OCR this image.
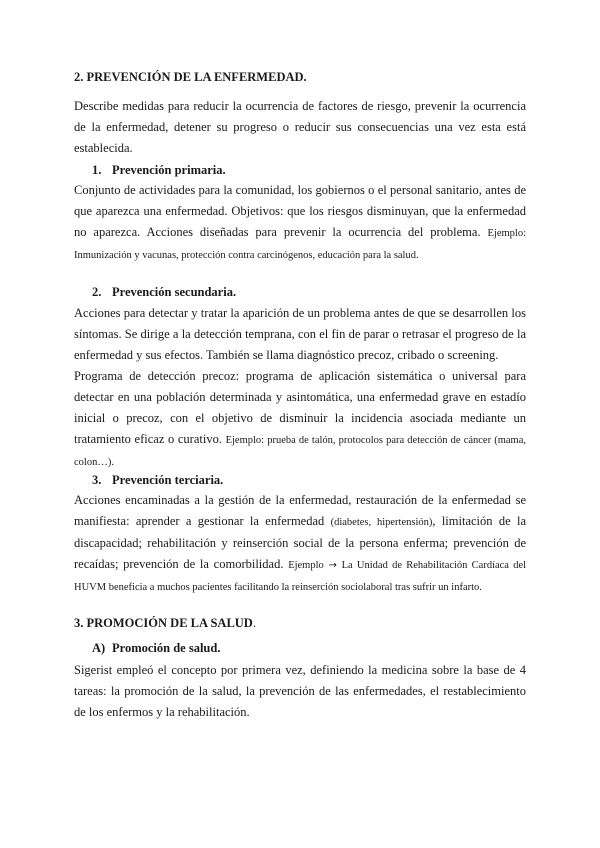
2. PREVENCIÓN DE LA ENFERMEDAD.
Describe medidas para reducir la ocurrencia de factores de riesgo, prevenir la ocurrencia de la enfermedad, detener su progreso o reducir sus consecuencias una vez esta está establecida.
1. Prevención primaria.
Conjunto de actividades para la comunidad, los gobiernos o el personal sanitario, antes de que aparezca una enfermedad. Objetivos: que los riesgos disminuyan, que la enfermedad no aparezca. Acciones diseñadas para prevenir la ocurrencia del problema. Ejemplo: Inmunización y vacunas, protección contra carcinógenos, educación para la salud.
2. Prevención secundaria.
Acciones para detectar y tratar la aparición de un problema antes de que se desarrollen los síntomas. Se dirige a la detección temprana, con el fin de parar o retrasar el progreso de la enfermedad y sus efectos. También se llama diagnóstico precoz, cribado o screening.
Programa de detección precoz: programa de aplicación sistemática o universal para detectar en una población determinada y asintomática, una enfermedad grave en estadío inicial o precoz, con el objetivo de disminuir la incidencia asociada mediante un tratamiento eficaz o curativo. Ejemplo: prueba de talón, protocolos para detección de cáncer (mama, colon…).
3. Prevención terciaria.
Acciones encaminadas a la gestión de la enfermedad, restauración de la enfermedad se manifiesta: aprender a gestionar la enfermedad (diabetes, hipertensión), limitación de la discapacidad; rehabilitación y reinserción social de la persona enferma; prevención de recaídas; prevención de la comorbilidad. Ejemplo → La Unidad de Rehabilitación Cardíaca del HUVM beneficia a muchos pacientes facilitando la reinserción sociolaboral tras sufrir un infarto.
3. PROMOCIÓN DE LA SALUD.
A) Promoción de salud.
Sigerist empleó el concepto por primera vez, definiendo la medicina sobre la base de 4 tareas: la promoción de la salud, la prevención de las enfermedades, el restablecimiento de los enfermos y la rehabilitación.
